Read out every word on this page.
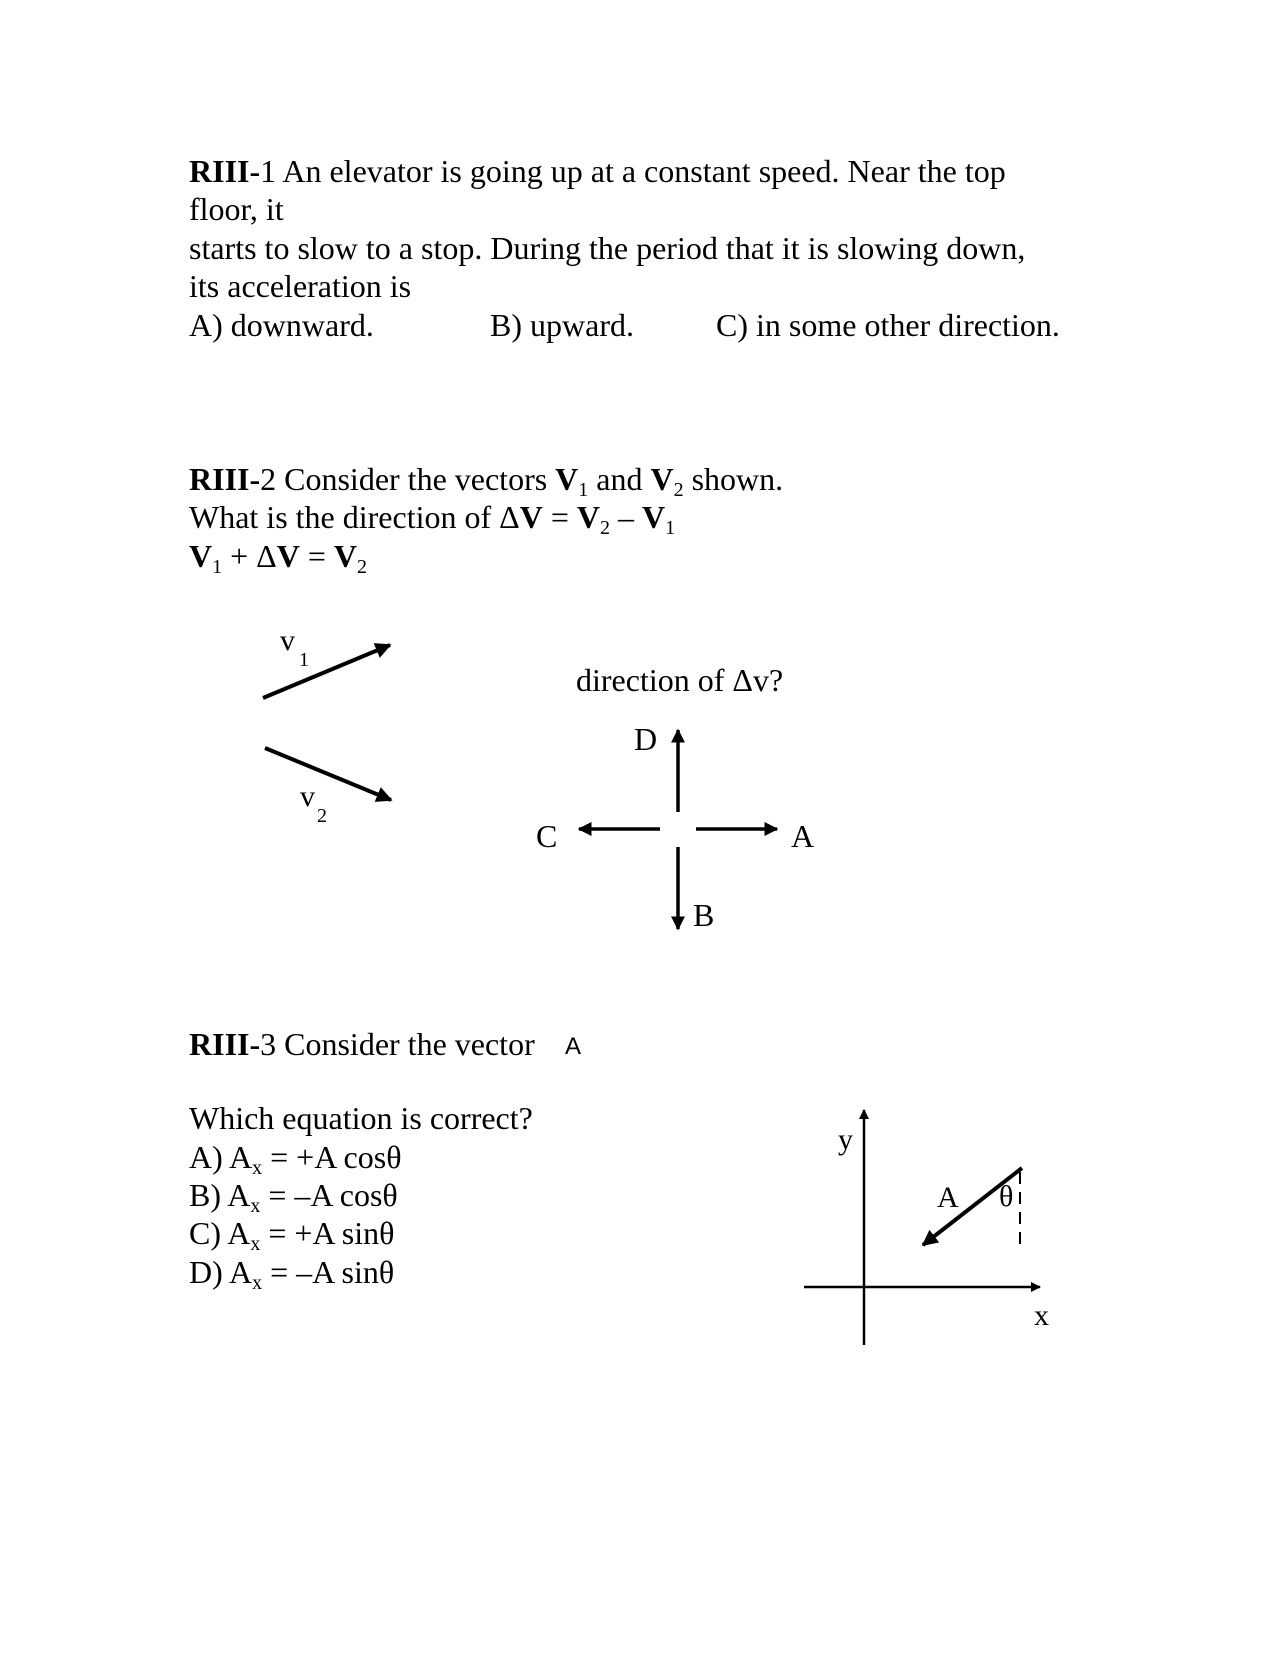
RIII-1 An elevator is going up at a constant speed. Near the top
floor, it
starts to slow to a stop. During the period that it is slowing down,
its acceleration is
A) downward.	B) upward.	C) in some other direction.
RIII-2 Consider the vectors V1 and V2 shown.
What is the direction of ΔV = V2 – V1
V1 + ΔV = V2
v
1
v
2
direction of Δv?
D
C	A
B
RIII-3 Consider the vector A
Which equation is correct?
A) Ax = +A cosθ
B) Ax = –A cosθ
C) Ax = +A sinθ
D) Ax = –A sinθ
y
x
A θ
